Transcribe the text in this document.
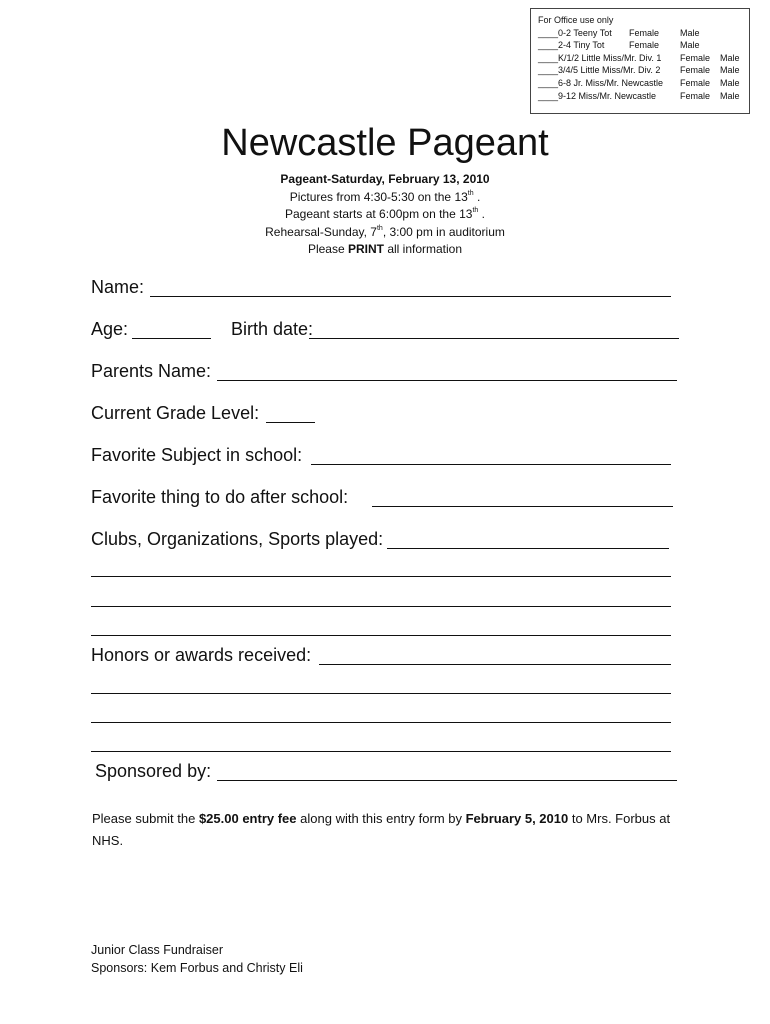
For Office use only
____0-2 Teeny Tot Female Male
____2-4 Tiny Tot	Female Male
____K/1/2 Little Miss/Mr. Div. 1 Female Male
____3/4/5 Little Miss/Mr. Div. 2 Female Male
____6-8 Jr. Miss/Mr. Newcastle Female Male
____9-12 Miss/Mr. Newcastle	Female Male
Newcastle Pageant
Pageant-Saturday, February 13, 2010
Pictures from 4:30-5:30 on the 13th .
Pageant starts at 6:00pm on the 13th .
Rehearsal-Sunday, 7th, 3:00 pm in auditorium
Please PRINT all information
Name:
Age:	Birth date:
Parents Name:
Current Grade Level:
Favorite Subject in school:
Favorite thing to do after school:
Clubs, Organizations, Sports played:
Honors or awards received:
Sponsored by:
Please submit the $25.00 entry fee along with this entry form by February 5, 2010 to Mrs. Forbus at NHS.
Junior Class Fundraiser
Sponsors: Kem Forbus and Christy Eli
